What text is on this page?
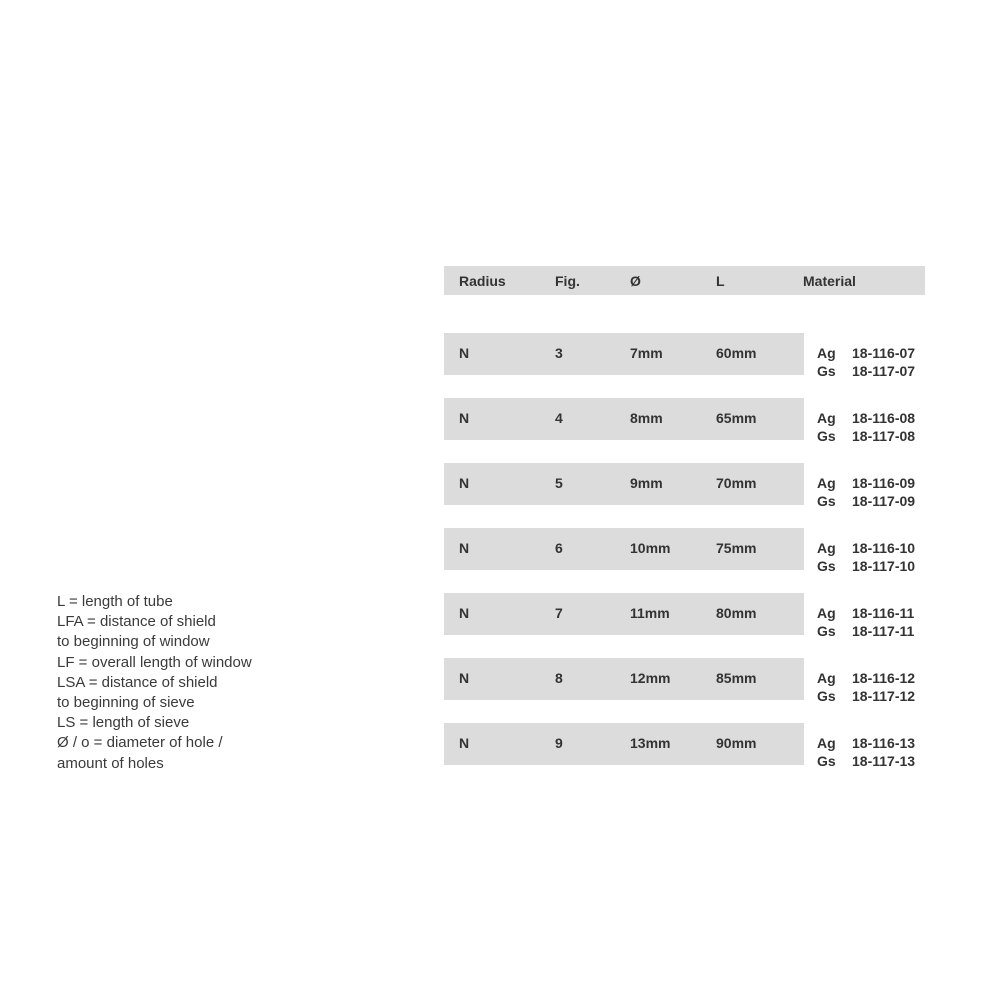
L = length of tube
LFA = distance of shield
to beginning of window
LF = overall length of window
LSA = distance of shield
to beginning of sieve
LS = length of sieve
Ø / o = diameter of hole /
amount of holes
Radius	Fig.	Ø	L	Material
N	3	7mm	60mm	Ag 18-116-07
Gs 18-117-07
N	4	8mm	65mm	Ag 18-116-08
Gs 18-117-08
N	5	9mm	70mm	Ag 18-116-09
Gs 18-117-09
N	6	10mm	75mm	Ag 18-116-10
Gs 18-117-10
N	7	11mm	80mm	Ag 18-116-11
Gs 18-117-11
N	8	12mm	85mm	Ag 18-116-12
Gs 18-117-12
N	9	13mm	90mm	Ag 18-116-13
Gs 18-117-13
